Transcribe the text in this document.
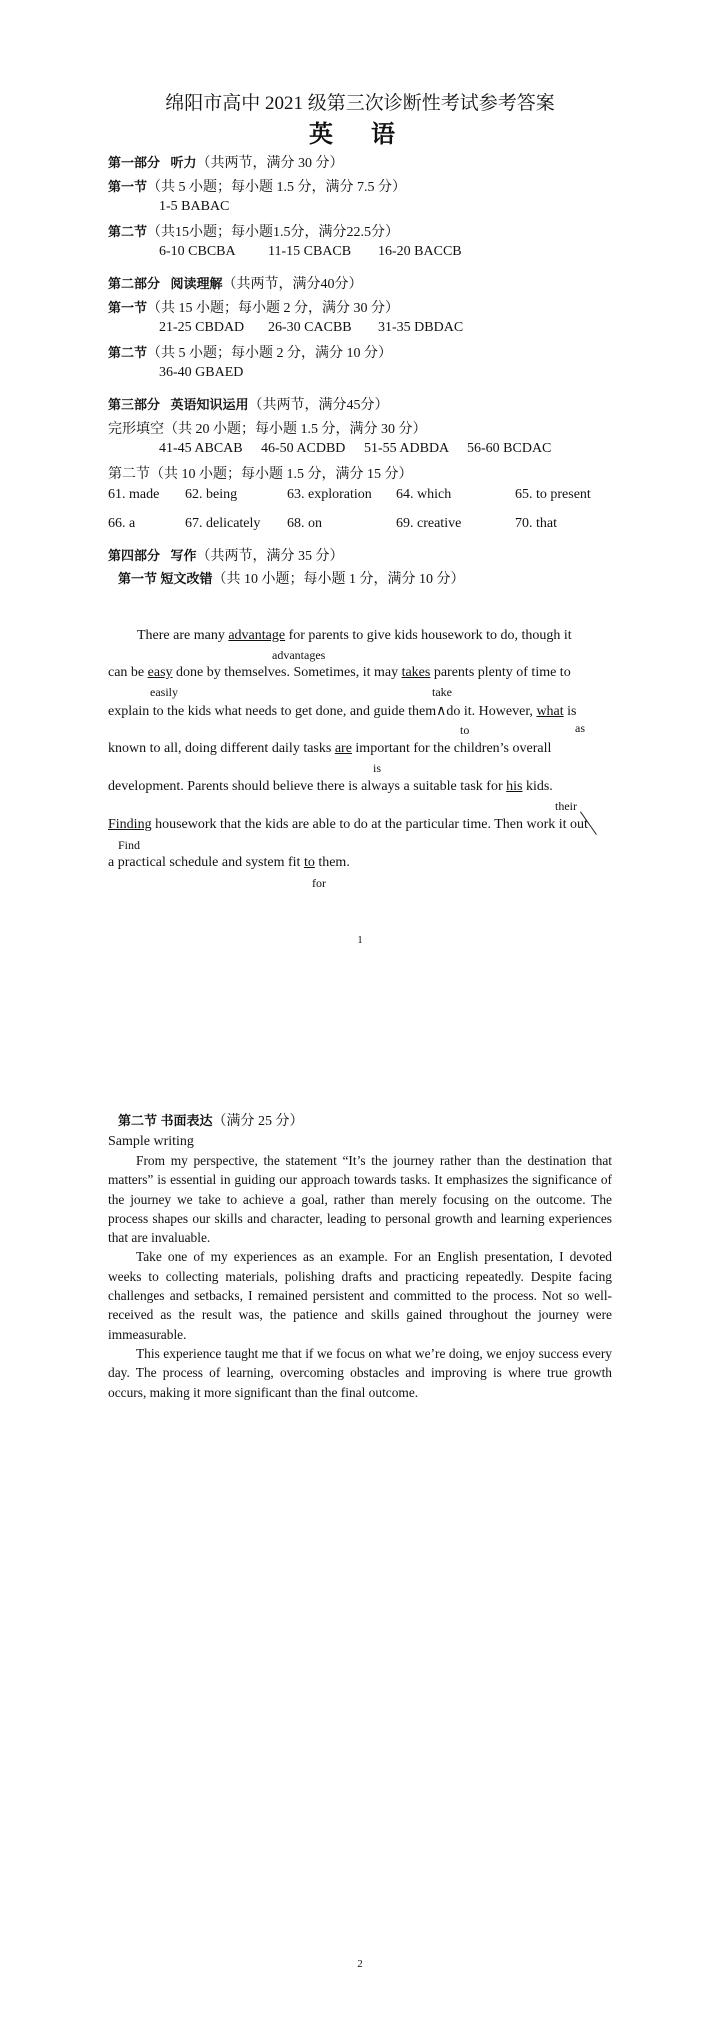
绵阳市高中 2021 级第三次诊断性考试参考答案
英 语
第一部分 听力（共两节，满分 30 分）
第一节（共 5 小题；每小题 1.5 分，满分 7.5 分）
1-5 BABAC
第二节（共15小题；每小题1.5分，满分22.5分）
6-10 CBCBA 11-15 CBACB 16-20 BACCB
第二部分 阅读理解（共两节，满分40分）
第一节（共 15 小题；每小题 2 分，满分 30 分）
21-25 CBDAD 26-30 CACBB 31-35 DBDAC
第二节（共 5 小题；每小题 2 分，满分 10 分）
36-40 GBAED
第三部分 英语知识运用（共两节，满分45分）
完形填空（共 20 小题；每小题 1.5 分，满分 30 分）
41-45 ABCAB 46-50 ACDBD 51-55 ADBDA 56-60 BCDAC
第二节（共 10 小题；每小题 1.5 分，满分 15 分）
61. made 62. being	63. exploration 64. which	65. to present
66. a	67. delicately 68. on	69. creative	70. that
第四部分 写作（共两节，满分 35 分）
第一节 短文改错（共 10 小题；每小题 1 分，满分 10 分）
There are many advantage for parents to give kids housework to do, though it
advantages
can be easy done by themselves. Sometimes, it may takes parents plenty of time to
easily	take
explain to the kids what needs to get done, and guide them∧do it. However, what is
to	as
known to all, doing different daily tasks are important for the children’s overall
is
development. Parents should believe there is always a suitable task for his kids.
their
Finding housework that the kids are able to do at the particular time. Then work it out
Find
a practical schedule and system fit to them.
for
1
第二节 书面表达（满分 25 分）
Sample writing

From my perspective, the statement “It’s the journey rather than the destination that matters” is essential in guiding our approach towards tasks. It emphasizes the significance of the journey we take to achieve a goal, rather than merely focusing on the outcome. The process shapes our skills and character, leading to personal growth and learning experiences that are invaluable.

Take one of my experiences as an example. For an English presentation, I devoted weeks to collecting materials, polishing drafts and practicing repeatedly. Despite facing challenges and setbacks, I remained persistent and committed to the process. Not so well-received as the result was, the patience and skills gained throughout the journey were immeasurable.

This experience taught me that if we focus on what we’re doing, we enjoy success every day. The process of learning, overcoming obstacles and improving is where true growth occurs, making it more significant than the final outcome.

2
